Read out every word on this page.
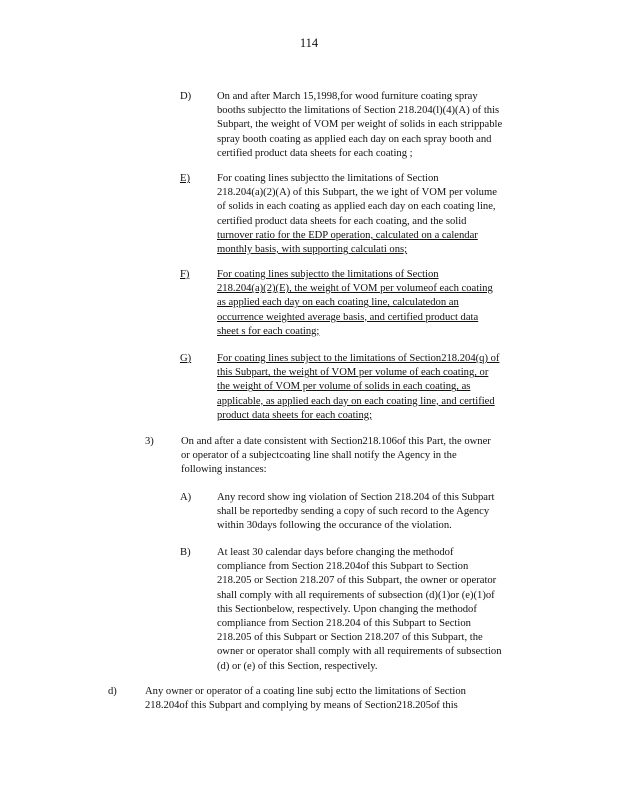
114
D) On and after March 15,1998,for wood furniture coating spray

booths subjectto the limitations of Section 218.204(l)(4)(A) of this

Subpart, the weight of VOM per weight of solids in each strippable

spray booth coating as applied each day on each spray booth and

certified product data sheets for each coating ;

E)	For coating lines subjectto the limitations of Section

218.204(a)(2)(A) of this Subpart, the we ight of VOM per volume

of solids in each coating as applied each day on each coating line,

certified product data sheets for each coating, and the solid

turnover ratio for the EDP operation, calculated on a calendar

monthly basis, with supporting calculati ons;

F)	For coating lines subjectto the limitations of Section

218.204(a)(2)(E), the weight of VOM per volumeof each coating

as applied each day on each coating line, calculatedon an

occurrence weighted average basis, and certified product data

sheet s for each coating;

G) For coating lines subject to the limitations of Section218.204(q) of

this Subpart, the weight of VOM per volume of each coating, or

the weight of VOM per volume of solids in each coating, as

applicable, as applied each day on each coating line, and certified

product data sheets for each coating;

3)	On and after a date consistent with Section218.106of this Part, the owner

or operator of a subjectcoating line shall notify the Agency in the

following instances:

A) Any record show ing violation of Section 218.204 of this Subpart

shall be reportedby sending a copy of such record to the Agency

within 30days following the occurance of the violation.

B) At least 30 calendar days before changing the methodof

compliance from Section 218.204of this Subpart to Section

218.205 or Section 218.207 of this Subpart, the owner or operator

shall comply with all requirements of subsection (d)(1)or (e)(1)of

this Sectionbelow, respectively. Upon changing the methodof

compliance from Section 218.204 of this Subpart to Section

218.205 of this Subpart or Section 218.207 of this Subpart, the

owner or operator shall comply with all requirements of subsection

(d) or (e) of this Section, respectively.

d)	Any owner or operator of a coating line subj ectto the limitations of Section

218.204of this Subpart and complying by means of Section218.205of this
